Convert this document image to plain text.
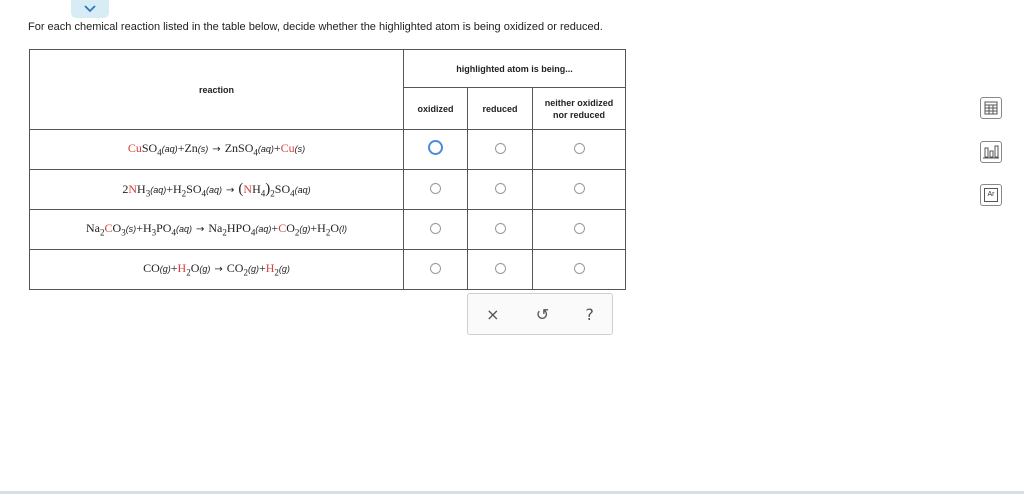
For each chemical reaction listed in the table below, decide whether the highlighted atom is being oxidized or reduced.
reaction	highlighted atom is being...		
	oxidized	reduced	neither oxidized nor reduced
CuSO$_4$(aq)+Zn(s) → ZnSO$_4$(aq)+Cu(s)			
$2NH_3(aq)+H_2SO_4(aq) \to (NH_4)_2SO_4(aq)$			
$Na_2CO_3(s)+H_3PO_4(aq) \to Na_2HPO_4(aq)+CO_2(g)+H_2O(l)$			
$CO(g)+H_2O(g) \to CO_2(g)+H_2(g)$			
× ↺ ?
Ar
